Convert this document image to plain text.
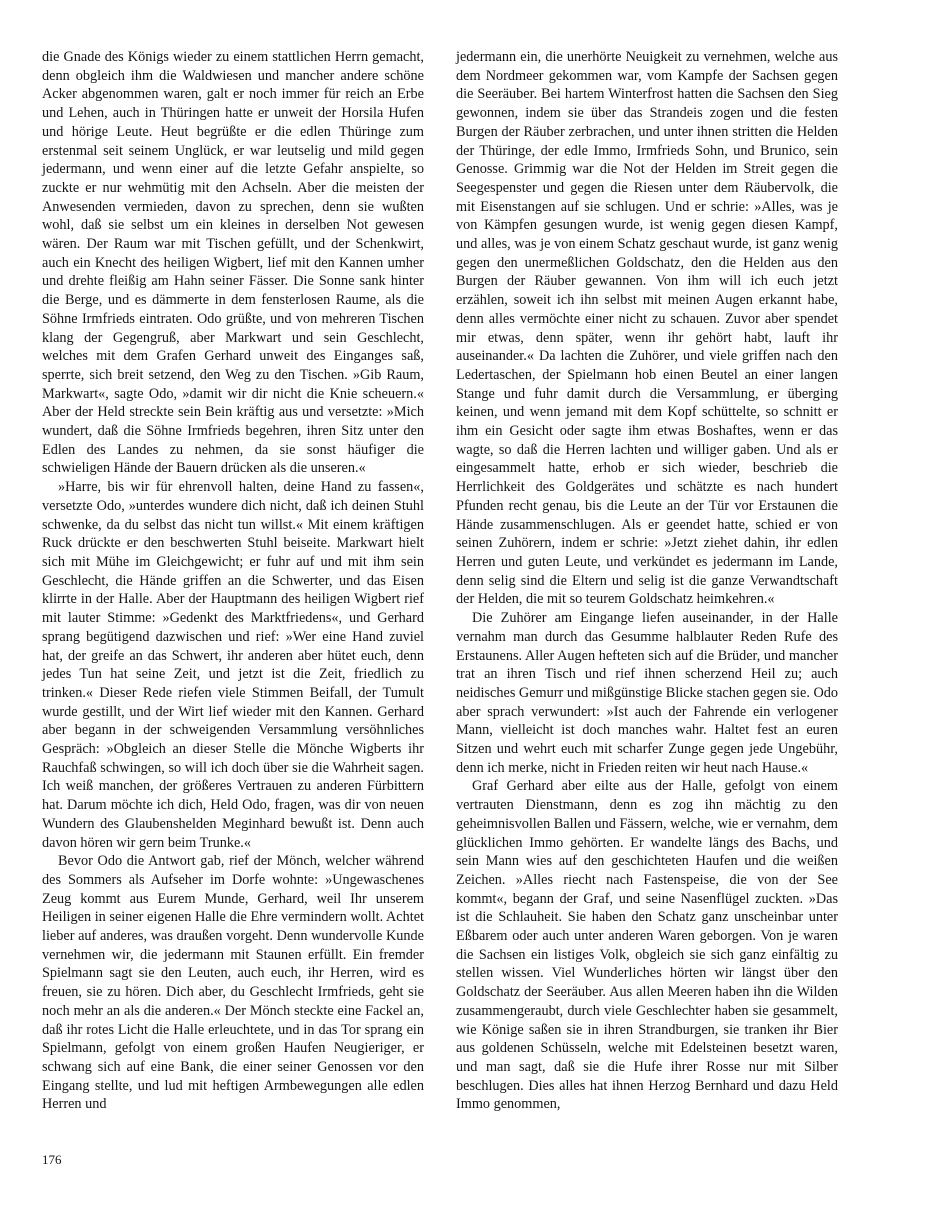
die Gnade des Königs wieder zu einem stattlichen Herrn gemacht, denn obgleich ihm die Waldwiesen und mancher andere schöne Acker abgenommen waren, galt er noch immer für reich an Erbe und Lehen, auch in Thüringen hatte er unweit der Horsila Hufen und hörige Leute. Heut begrüßte er die edlen Thüringe zum erstenmal seit seinem Unglück, er war leutselig und mild gegen jedermann, und wenn einer auf die letzte Gefahr anspielte, so zuckte er nur wehmütig mit den Achseln. Aber die meisten der Anwesenden vermieden, davon zu sprechen, denn sie wußten wohl, daß sie selbst um ein kleines in derselben Not gewesen wären. Der Raum war mit Tischen gefüllt, und der Schenkwirt, auch ein Knecht des heiligen Wigbert, lief mit den Kannen umher und drehte fleißig am Hahn seiner Fässer. Die Sonne sank hinter die Berge, und es dämmerte in dem fensterlosen Raume, als die Söhne Irmfrieds eintraten. Odo grüßte, und von mehreren Tischen klang der Gegengruß, aber Markwart und sein Geschlecht, welches mit dem Grafen Gerhard unweit des Einganges saß, sperrte, sich breit setzend, den Weg zu den Tischen. »Gib Raum, Markwart«, sagte Odo, »damit wir dir nicht die Knie scheuern.« Aber der Held streckte sein Bein kräftig aus und versetzte: »Mich wundert, daß die Söhne Irmfrieds begehren, ihren Sitz unter den Edlen des Landes zu nehmen, da sie sonst häufiger die schwieligen Hände der Bauern drücken als die unseren.«

»Harre, bis wir für ehrenvoll halten, deine Hand zu fassen«, versetzte Odo, »unterdes wundere dich nicht, daß ich deinen Stuhl schwenke, da du selbst das nicht tun willst.« Mit einem kräftigen Ruck drückte er den beschwerten Stuhl beiseite. Markwart hielt sich mit Mühe im Gleichgewicht; er fuhr auf und mit ihm sein Geschlecht, die Hände griffen an die Schwerter, und das Eisen klirrte in der Halle. Aber der Hauptmann des heiligen Wigbert rief mit lauter Stimme: »Gedenkt des Marktfriedens«, und Gerhard sprang begütigend dazwischen und rief: »Wer eine Hand zuviel hat, der greife an das Schwert, ihr anderen aber hütet euch, denn jedes Tun hat seine Zeit, und jetzt ist die Zeit, friedlich zu trinken.« Dieser Rede riefen viele Stimmen Beifall, der Tumult wurde gestillt, und der Wirt lief wieder mit den Kannen. Gerhard aber begann in der schweigenden Versammlung versöhnliches Gespräch: »Obgleich an dieser Stelle die Mönche Wigberts ihr Rauchfaß schwingen, so will ich doch über sie die Wahrheit sagen. Ich weiß manchen, der größeres Vertrauen zu anderen Fürbittern hat. Darum möchte ich dich, Held Odo, fragen, was dir von neuen Wundern des Glaubenshelden Meginhard bewußt ist. Denn auch davon hören wir gern beim Trunke.«

Bevor Odo die Antwort gab, rief der Mönch, welcher während des Sommers als Aufseher im Dorfe wohnte: »Ungewaschenes Zeug kommt aus Eurem Munde, Gerhard, weil Ihr unserem Heiligen in seiner eigenen Halle die Ehre vermindern wollt. Achtet lieber auf anderes, was draußen vorgeht. Denn wundervolle Kunde vernehmen wir, die jedermann mit Staunen erfüllt. Ein fremder Spielmann sagt sie den Leuten, auch euch, ihr Herren, wird es freuen, sie zu hören. Dich aber, du Geschlecht Irmfrieds, geht sie noch mehr an als die anderen.« Der Mönch steckte eine Fackel an, daß ihr rotes Licht die Halle erleuchtete, und in das Tor sprang ein Spielmann, gefolgt von einem großen Haufen Neugieriger, er schwang sich auf eine Bank, die einer seiner Genossen vor den Eingang stellte, und lud mit heftigen Armbewegungen alle edlen Herren und

jedermann ein, die unerhörte Neuigkeit zu vernehmen, welche aus dem Nordmeer gekommen war, vom Kampfe der Sachsen gegen die Seeräuber. Bei hartem Winterfrost hatten die Sachsen den Sieg gewonnen, indem sie über das Strandeis zogen und die festen Burgen der Räuber zerbrachen, und unter ihnen stritten die Helden der Thüringe, der edle Immo, Irmfrieds Sohn, und Brunico, sein Genosse. Grimmig war die Not der Helden im Streit gegen die Seegespenster und gegen die Riesen unter dem Räubervolk, die mit Eisenstangen auf sie schlugen. Und er schrie: »Alles, was je von Kämpfen gesungen wurde, ist wenig gegen diesen Kampf, und alles, was je von einem Schatz geschaut wurde, ist ganz wenig gegen den unermeßlichen Goldschatz, den die Helden aus den Burgen der Räuber gewannen. Von ihm will ich euch jetzt erzählen, soweit ich ihn selbst mit meinen Augen erkannt habe, denn alles vermöchte einer nicht zu schauen. Zuvor aber spendet mir etwas, denn später, wenn ihr gehört habt, lauft ihr auseinander.« Da lachten die Zuhörer, und viele griffen nach den Ledertaschen, der Spielmann hob einen Beutel an einer langen Stange und fuhr damit durch die Versammlung, er überging keinen, und wenn jemand mit dem Kopf schüttelte, so schnitt er ihm ein Gesicht oder sagte ihm etwas Boshaftes, wenn er das wagte, so daß die Herren lachten und williger gaben. Und als er eingesammelt hatte, erhob er sich wieder, beschrieb die Herrlichkeit des Goldgerätes und schätzte es nach hundert Pfunden recht genau, bis die Leute an der Tür vor Erstaunen die Hände zusammenschlugen. Als er geendet hatte, schied er von seinen Zuhörern, indem er schrie: »Jetzt ziehet dahin, ihr edlen Herren und guten Leute, und verkündet es jedermann im Lande, denn selig sind die Eltern und selig ist die ganze Verwandtschaft der Helden, die mit so teurem Goldschatz heimkehren.«

Die Zuhörer am Eingange liefen auseinander, in der Halle vernahm man durch das Gesumme halblauter Reden Rufe des Erstaunens. Aller Augen hefteten sich auf die Brüder, und mancher trat an ihren Tisch und rief ihnen scherzend Heil zu; auch neidisches Gemurr und mißgünstige Blicke stachen gegen sie. Odo aber sprach verwundert: »Ist auch der Fahrende ein verlogener Mann, vielleicht ist doch manches wahr. Haltet fest an euren Sitzen und wehrt euch mit scharfer Zunge gegen jede Ungebühr, denn ich merke, nicht in Frieden reiten wir heut nach Hause.«

Graf Gerhard aber eilte aus der Halle, gefolgt von einem vertrauten Dienstmann, denn es zog ihn mächtig zu den geheimnisvollen Ballen und Fässern, welche, wie er vernahm, dem glücklichen Immo gehörten. Er wandelte längs des Bachs, und sein Mann wies auf den geschichteten Haufen und die weißen Zeichen. »Alles riecht nach Fastenspeise, die von der See kommt«, begann der Graf, und seine Nasenflügel zuckten. »Das ist die Schlauheit. Sie haben den Schatz ganz unscheinbar unter Eßbarem oder auch unter anderen Waren geborgen. Von je waren die Sachsen ein listiges Volk, obgleich sie sich ganz einfältig zu stellen wissen. Viel Wunderliches hörten wir längst über den Goldschatz der Seeräuber. Aus allen Meeren haben ihn die Wilden zusammengeraubt, durch viele Geschlechter haben sie gesammelt, wie Könige saßen sie in ihren Strandburgen, sie tranken ihr Bier aus goldenen Schüsseln, welche mit Edelsteinen besetzt waren, und man sagt, daß sie die Hufe ihrer Rosse nur mit Silber beschlugen. Dies alles hat ihnen Herzog Bernhard und dazu Held Immo genommen,

176
